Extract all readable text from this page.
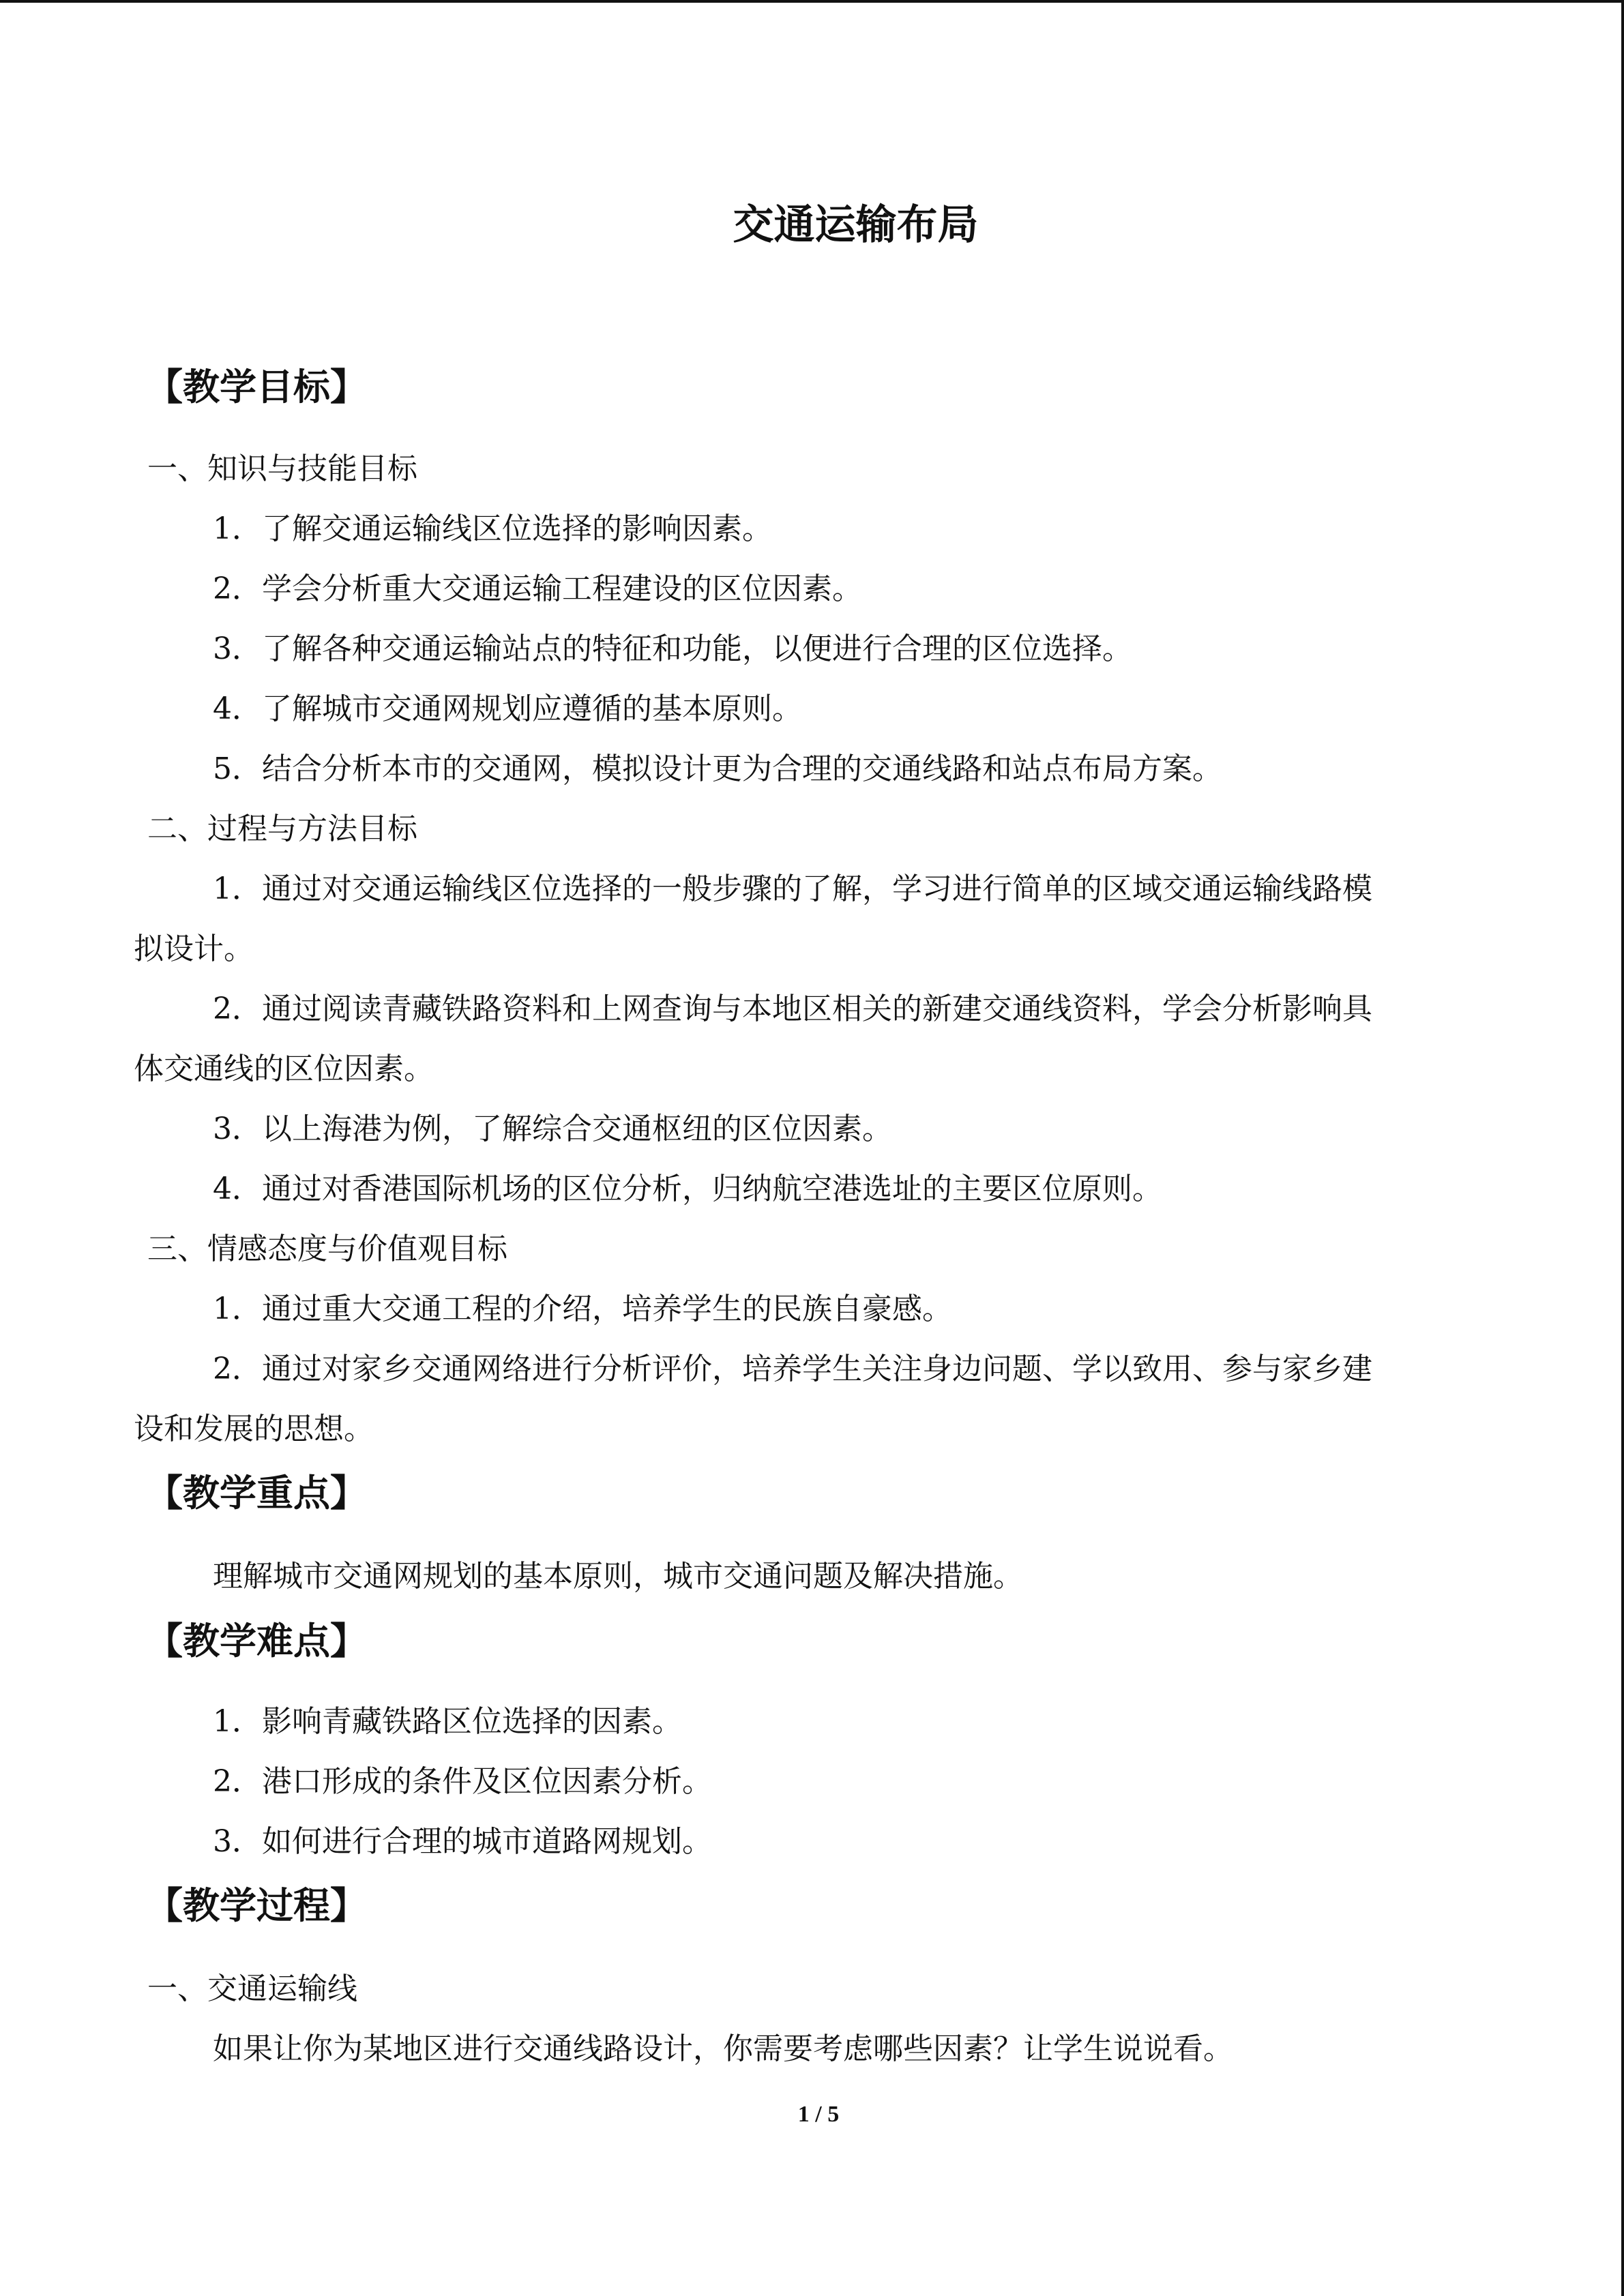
交通运输布局
【教学目标】
一、知识与技能目标
1．了解交通运输线区位选择的影响因素。
2．学会分析重大交通运输工程建设的区位因素。
3．了解各种交通运输站点的特征和功能，以便进行合理的区位选择。
4．了解城市交通网规划应遵循的基本原则。
5．结合分析本市的交通网，模拟设计更为合理的交通线路和站点布局方案。
二、过程与方法目标
1．通过对交通运输线区位选择的一般步骤的了解，学习进行简单的区域交通运输线路模
拟设计。
2．通过阅读青藏铁路资料和上网查询与本地区相关的新建交通线资料，学会分析影响具
体交通线的区位因素。
3．以上海港为例，了解综合交通枢纽的区位因素。
4．通过对香港国际机场的区位分析，归纳航空港选址的主要区位原则。
三、情感态度与价值观目标
1．通过重大交通工程的介绍，培养学生的民族自豪感。
2．通过对家乡交通网络进行分析评价，培养学生关注身边问题、学以致用、参与家乡建
设和发展的思想。
【教学重点】
理解城市交通网规划的基本原则，城市交通问题及解决措施。
【教学难点】
1．影响青藏铁路区位选择的因素。
2．港口形成的条件及区位因素分析。
3．如何进行合理的城市道路网规划。
【教学过程】
一、交通运输线
如果让你为某地区进行交通线路设计，你需要考虑哪些因素？让学生说说看。
1 / 5
